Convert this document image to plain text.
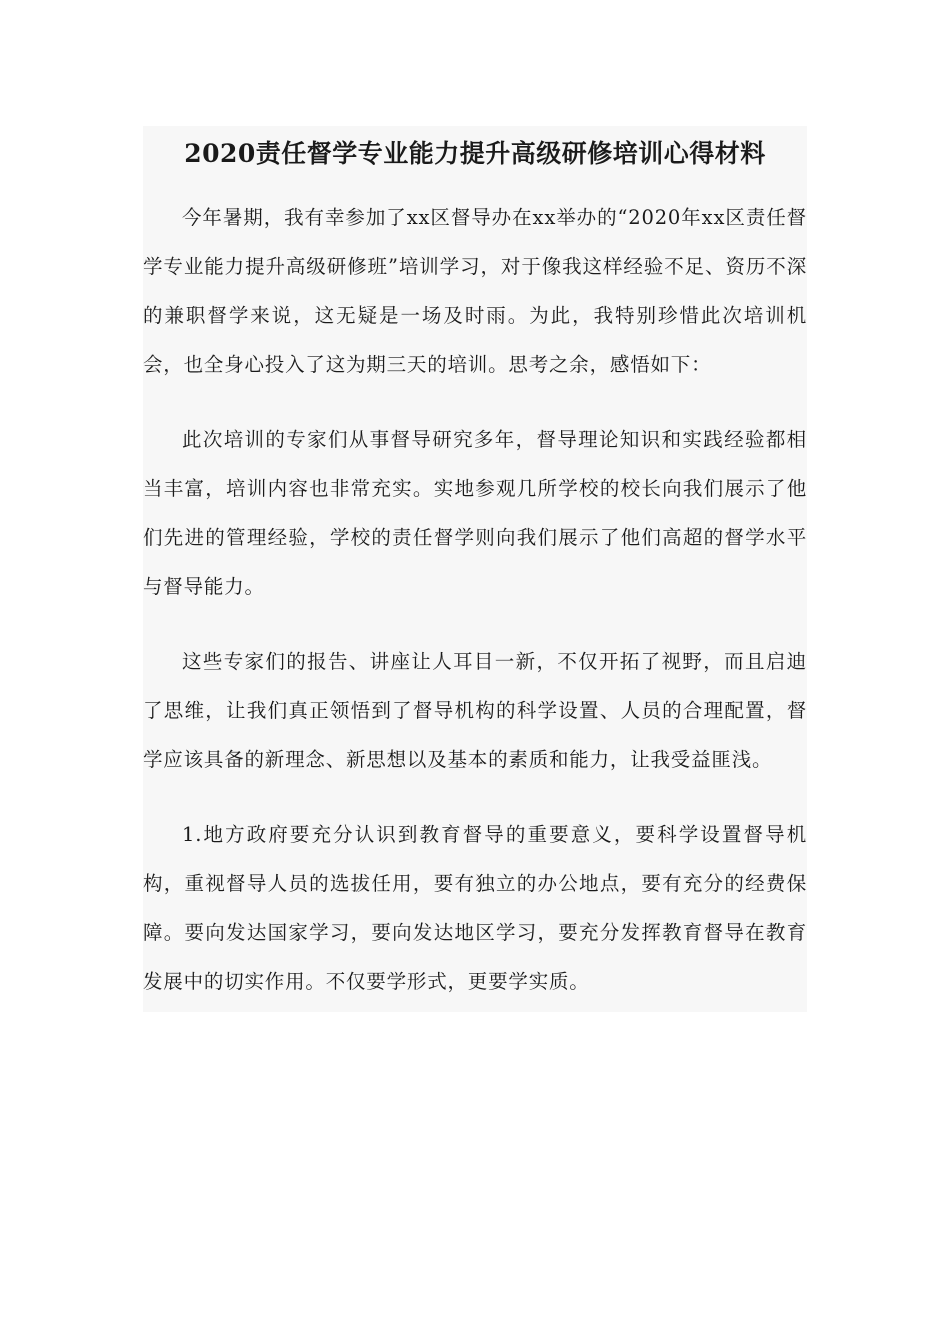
2020责任督学专业能力提升高级研修培训心得材料

今年暑期，我有幸参加了xx区督导办在xx举办的“2020年xx区责任督学专业能力提升高级研修班”培训学习，对于像我这样经验不足、资历不深的兼职督学来说，这无疑是一场及时雨。为此，我特别珍惜此次培训机会，也全身心投入了这为期三天的培训。思考之余，感悟如下：

此次培训的专家们从事督导研究多年，督导理论知识和实践经验都相当丰富，培训内容也非常充实。实地参观几所学校的校长向我们展示了他们先进的管理经验，学校的责任督学则向我们展示了他们高超的督学水平与督导能力。

这些专家们的报告、讲座让人耳目一新，不仅开拓了视野，而且启迪了思维，让我们真正领悟到了督导机构的科学设置、人员的合理配置，督学应该具备的新理念、新思想以及基本的素质和能力，让我受益匪浅。

1.地方政府要充分认识到教育督导的重要意义，要科学设置督导机构，重视督导人员的选拔任用，要有独立的办公地点，要有充分的经费保障。要向发达国家学习，要向发达地区学习，要充分发挥教育督导在教育发展中的切实作用。不仅要学形式，更要学实质。
